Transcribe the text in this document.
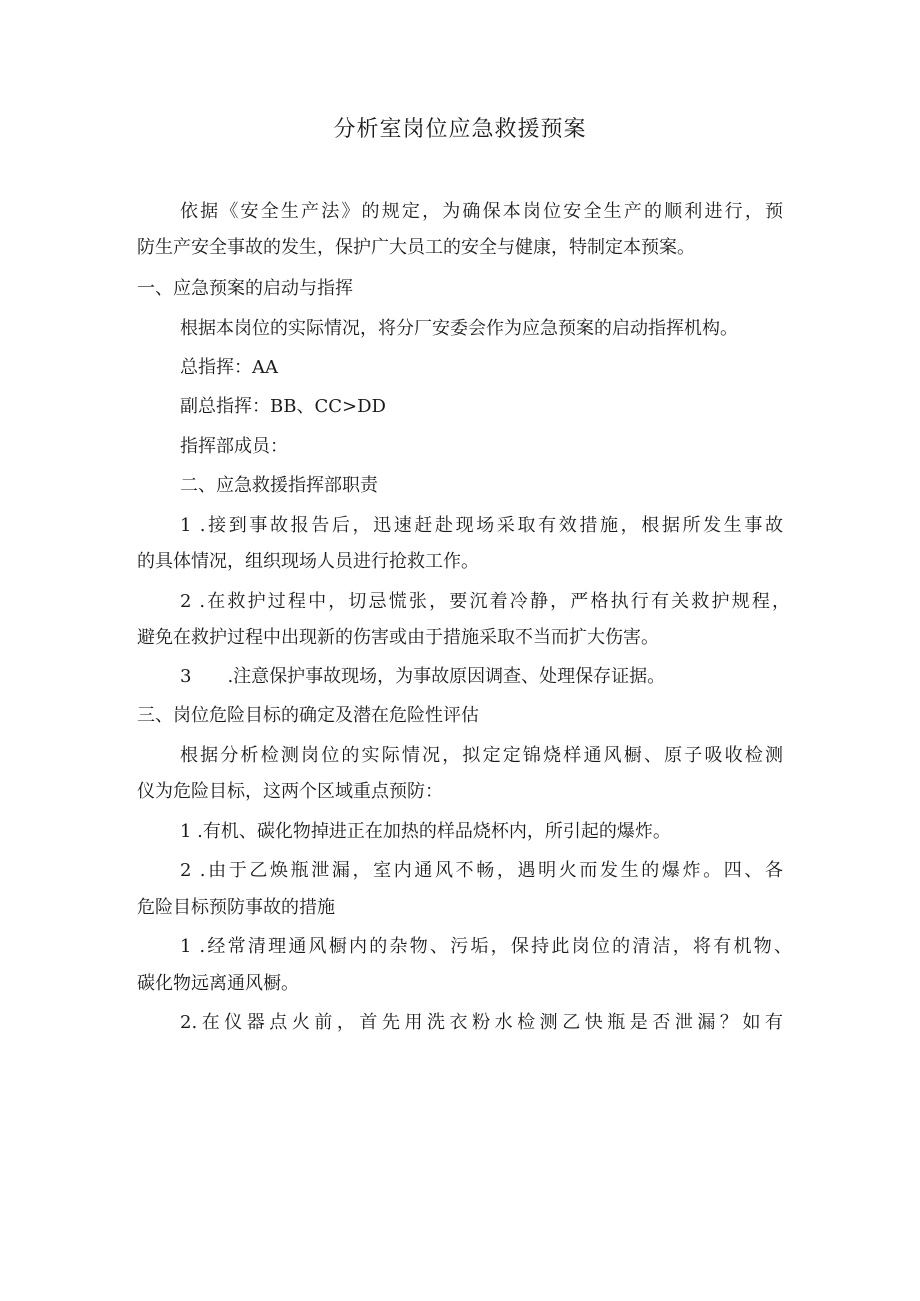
分析室岗位应急救援预案
依据《安全生产法》的规定，为确保本岗位安全生产的顺利进行，预
防生产安全事故的发生，保护广大员工的安全与健康，特制定本预案。
一、应急预案的启动与指挥
根据本岗位的实际情况，将分厂安委会作为应急预案的启动指挥机构。
总指挥：AA
副总指挥：BB、CC>DD
指挥部成员：
二、应急救援指挥部职责
1 .接到事故报告后，迅速赶赴现场采取有效措施，根据所发生事故
的具体情况，组织现场人员进行抢救工作。
2 .在救护过程中，切忌慌张，要沉着冷静，严格执行有关救护规程，
避免在救护过程中出现新的伤害或由于措施采取不当而扩大伤害。
3　　.注意保护事故现场，为事故原因调查、处理保存证据。
三、岗位危险目标的确定及潜在危险性评估
根据分析检测岗位的实际情况，拟定定锦烧样通风橱、原子吸收检测
仪为危险目标，这两个区域重点预防：
1 .有机、碳化物掉进正在加热的样品烧杯内，所引起的爆炸。
2 .由于乙焕瓶泄漏，室内通风不畅，遇明火而发生的爆炸。四、各
危险目标预防事故的措施
1 .经常清理通风橱内的杂物、污垢，保持此岗位的清洁，将有机物、
碳化物远离通风橱。
2.在仪器点火前，首先用洗衣粉水检测乙快瓶是否泄漏？如有
